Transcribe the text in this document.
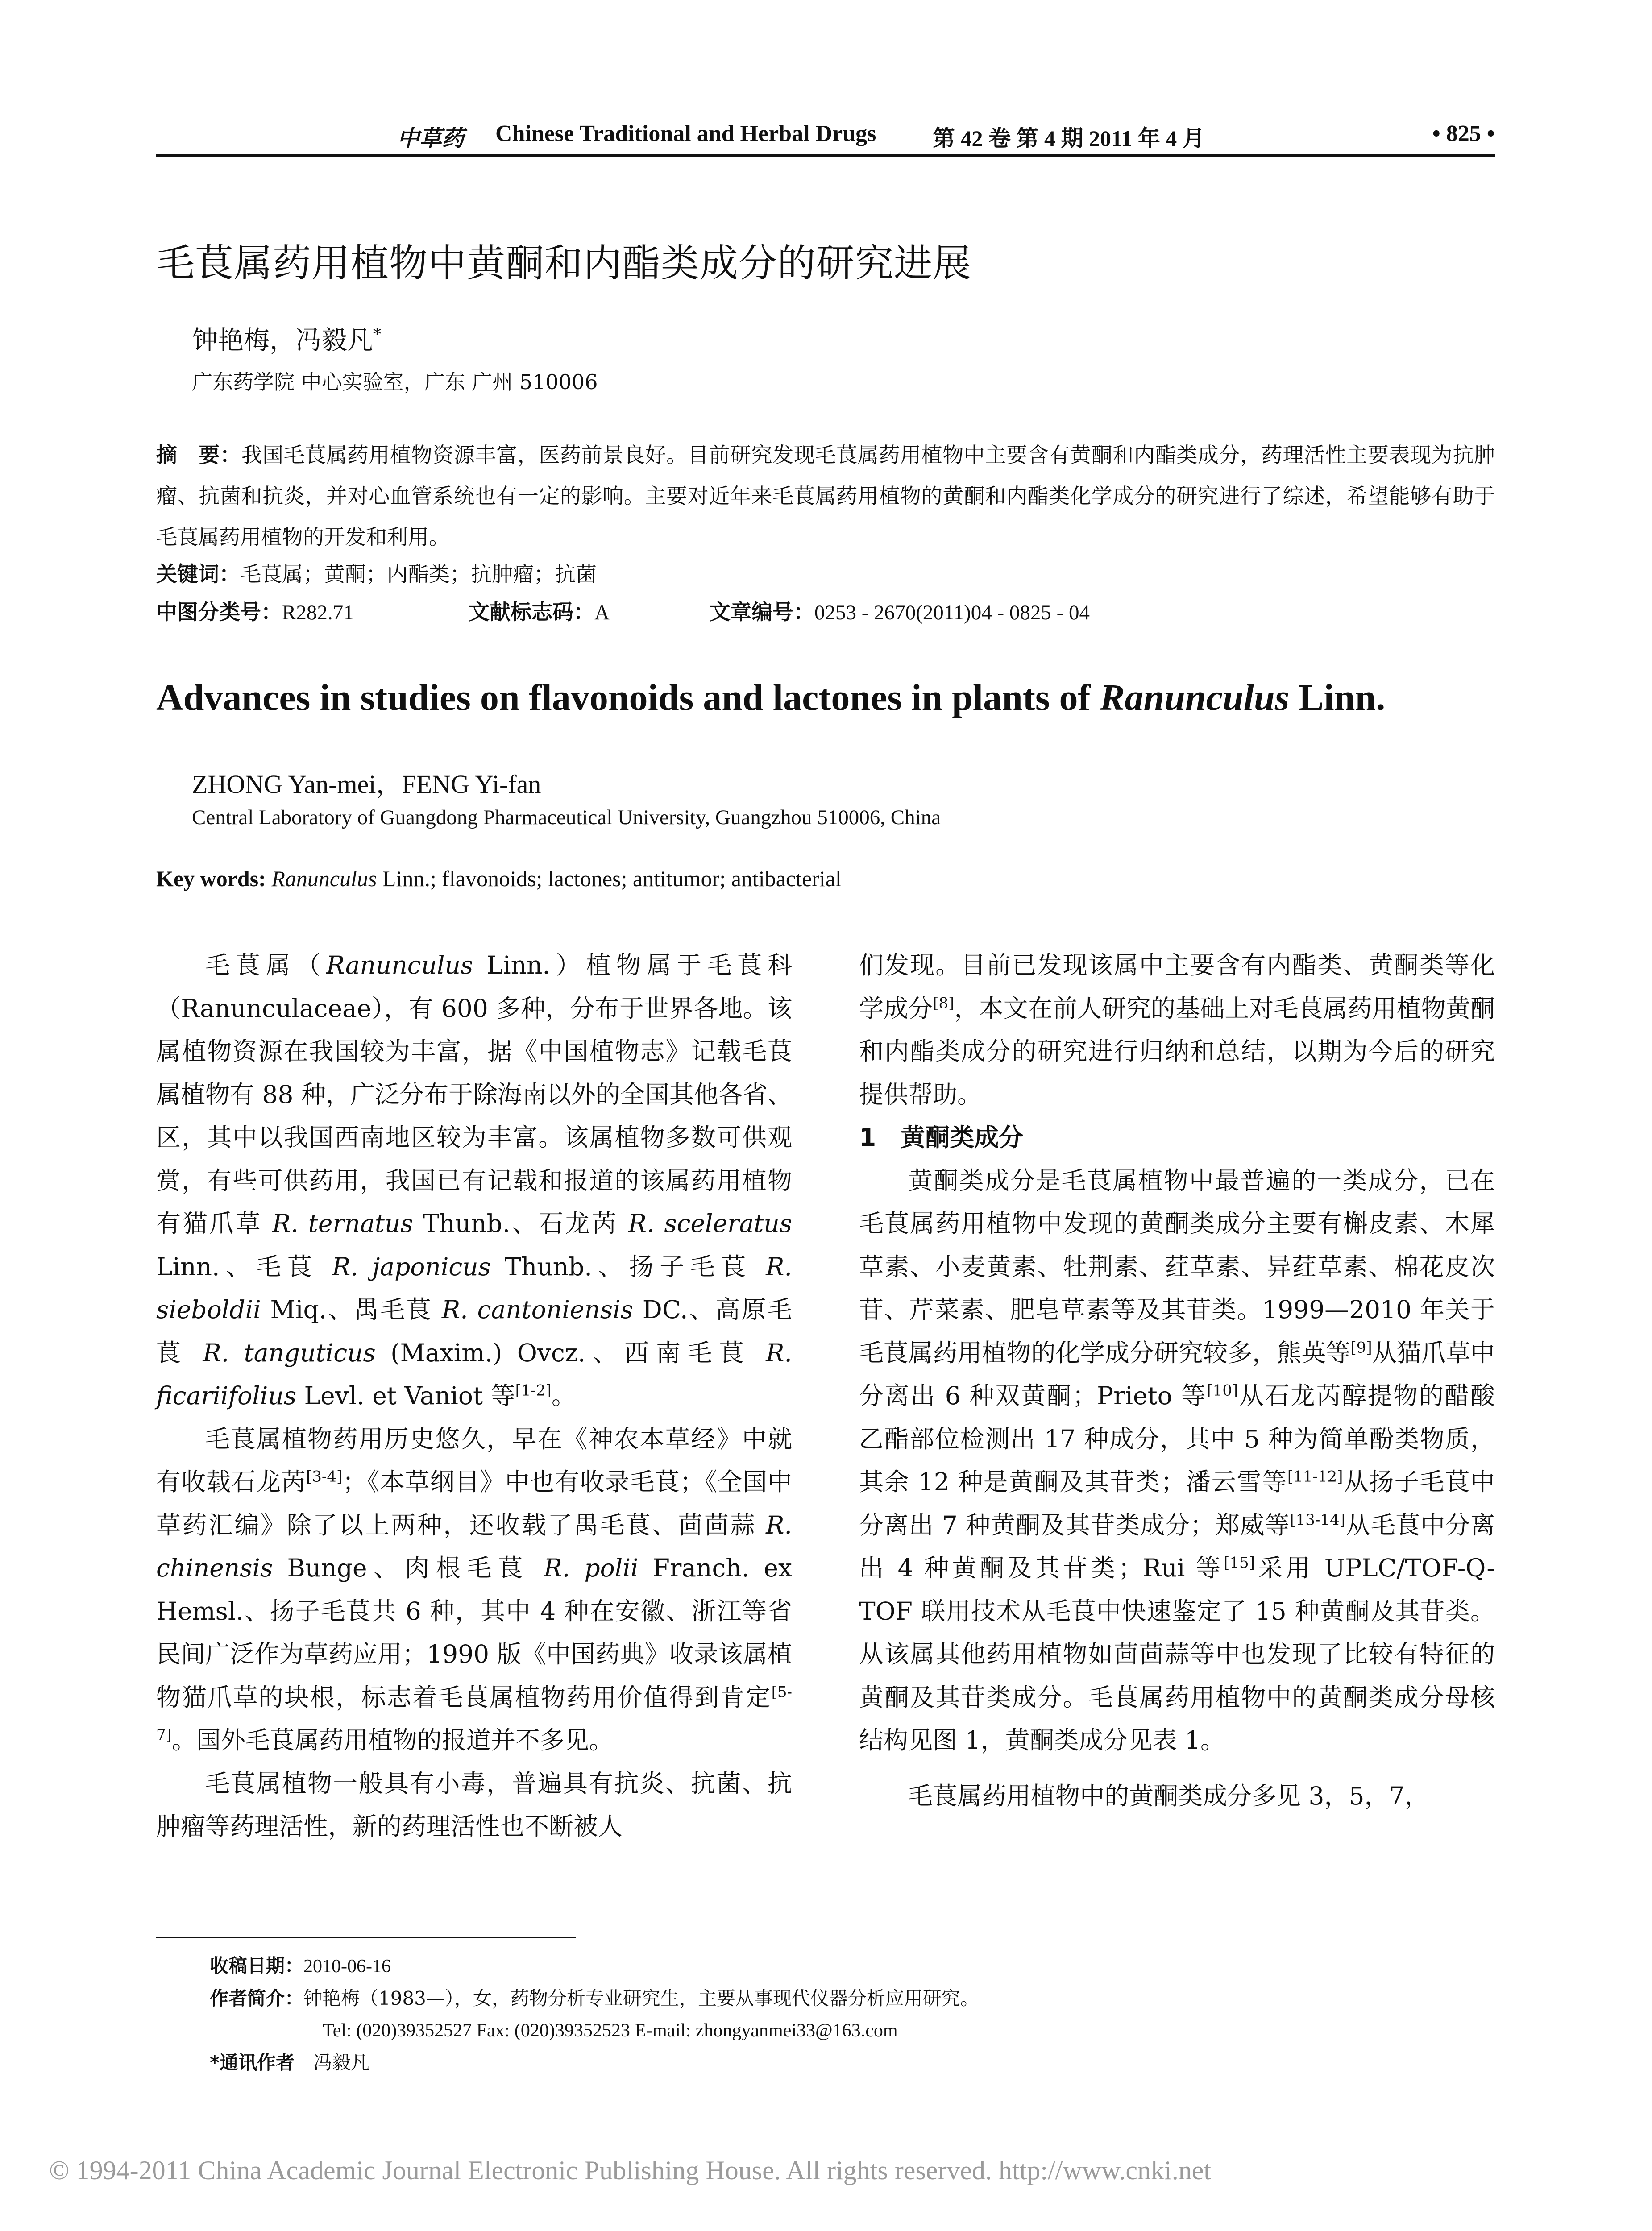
中草药 Chinese Traditional and Herbal Drugs	第 42 卷 第 4 期 2011 年 4 月	• 825 •
毛茛属药用植物中黄酮和内酯类成分的研究进展
钟艳梅，冯毅凡*
广东药学院 中心实验室，广东 广州 510006
摘　要：我国毛茛属药用植物资源丰富，医药前景良好。目前研究发现毛茛属药用植物中主要含有黄酮和内酯类成分，药理活性主要表现为抗肿瘤、抗菌和抗炎，并对心血管系统也有一定的影响。主要对近年来毛茛属药用植物的黄酮和内酯类化学成分的研究进行了综述，希望能够有助于毛茛属药用植物的开发和利用。
关键词：毛茛属；黄酮；内酯类；抗肿瘤；抗菌
中图分类号：R282.71	文献标志码：A	文章编号：0253 - 2670(2011)04 - 0825 - 04
Advances in studies on flavonoids and lactones in plants of Ranunculus Linn.
ZHONG Yan-mei，FENG Yi-fan
Central Laboratory of Guangdong Pharmaceutical University, Guangzhou 510006, China
Key words: Ranunculus Linn.; flavonoids; lactones; antitumor; antibacterial

毛茛属（Ranunculus Linn.）植物属于毛茛科（Ranunculaceae），有 600 多种，分布于世界各地。该属植物资源在我国较为丰富，据《中国植物志》记载毛茛属植物有 88 种，广泛分布于除海南以外的全国其他各省、区，其中以我国西南地区较为丰富。该属植物多数可供观赏，有些可供药用，我国已有记载和报道的该属药用植物有猫爪草 R. ternatus Thunb.、石龙芮 R. sceleratus Linn.、毛茛 R. japonicus Thunb.、扬子毛茛 R. sieboldii Miq.、禺毛茛 R. cantoniensis DC.、高原毛茛 R. tanguticus (Maxim.) Ovcz.、西南毛茛 R. ficariifolius Levl. et Vaniot 等[1-2]。

毛茛属植物药用历史悠久，早在《神农本草经》中就有收载石龙芮[3-4]；《本草纲目》中也有收录毛茛；《全国中草药汇编》除了以上两种，还收载了禺毛茛、茴茴蒜 R. chinensis Bunge、肉根毛茛 R. polii Franch. ex Hemsl.、扬子毛茛共 6 种，其中 4 种在安徽、浙江等省民间广泛作为草药应用；1990 版《中国药典》收录该属植物猫爪草的块根，标志着毛茛属植物药用价值得到肯定[5-7]。国外毛茛属药用植物的报道并不多见。

毛茛属植物一般具有小毒，普遍具有抗炎、抗菌、抗肿瘤等药理活性，新的药理活性也不断被人

们发现。目前已发现该属中主要含有内酯类、黄酮类等化学成分[8]，本文在前人研究的基础上对毛茛属药用植物黄酮和内酯类成分的研究进行归纳和总结，以期为今后的研究提供帮助。

1　黄酮类成分

黄酮类成分是毛茛属植物中最普遍的一类成分，已在毛茛属药用植物中发现的黄酮类成分主要有槲皮素、木犀草素、小麦黄素、牡荆素、荭草素、异荭草素、棉花皮次苷、芹菜素、肥皂草素等及其苷类。1999—2010 年关于毛茛属药用植物的化学成分研究较多，熊英等[9]从猫爪草中分离出 6 种双黄酮；Prieto 等[10]从石龙芮醇提物的醋酸乙酯部位检测出 17 种成分，其中 5 种为简单酚类物质，其余 12 种是黄酮及其苷类；潘云雪等[11-12]从扬子毛茛中分离出 7 种黄酮及其苷类成分；郑威等[13-14]从毛茛中分离出 4 种黄酮及其苷类；Rui 等[15]采用 UPLC/TOF-Q-TOF 联用技术从毛茛中快速鉴定了 15 种黄酮及其苷类。从该属其他药用植物如茴茴蒜等中也发现了比较有特征的黄酮及其苷类成分。毛茛属药用植物中的黄酮类成分母核结构见图 1，黄酮类成分见表 1。

毛茛属药用植物中的黄酮类成分多见 3，5，7，

收稿日期：2010-06-16
作者简介：钟艳梅（1983—），女，药物分析专业研究生，主要从事现代仪器分析应用研究。
Tel: (020)39352527 Fax: (020)39352523 E-mail: zhongyanmei33@163.com
*通讯作者　 冯毅凡
© 1994-2011 China Academic Journal Electronic Publishing House. All rights reserved. http://www.cnki.net
